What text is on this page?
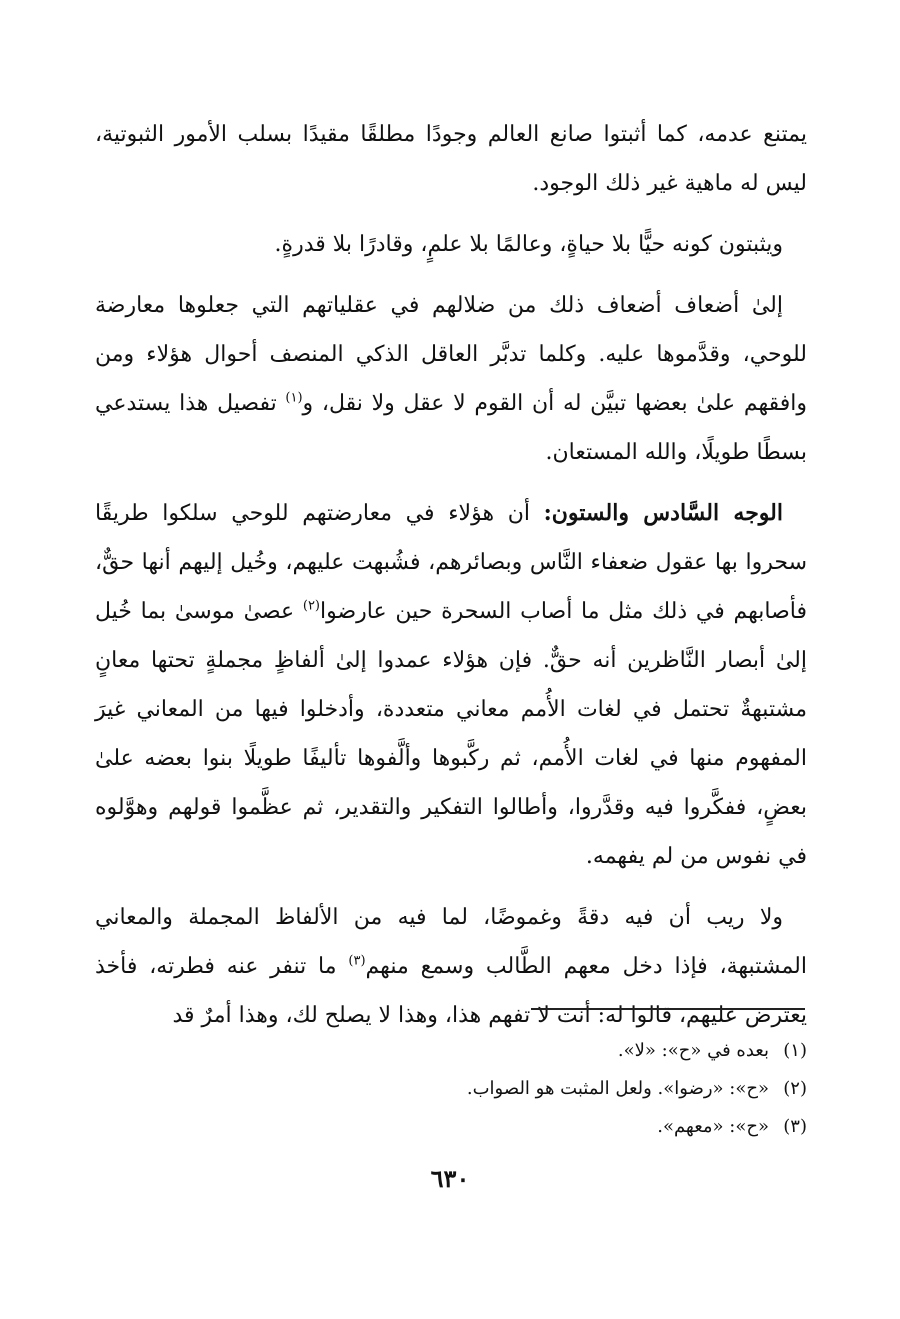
يمتنع عدمه، كما أثبتوا صانع العالم وجودًا مطلقًا مقيدًا بسلب الأمور الثبوتية، ليس له ماهية غير ذلك الوجود.

ويثبتون كونه حيًّا بلا حياةٍ، وعالمًا بلا علمٍ، وقادرًا بلا قدرةٍ.

إلىٰ أضعاف أضعاف ذلك من ضلالهم في عقلياتهم التي جعلوها معارضة للوحي، وقدَّموها عليه. وكلما تدبَّر العاقل الذكي المنصف أحوال هؤلاء ومن وافقهم علىٰ بعضها تبيَّن له أن القوم لا عقل ولا نقل، و$^{(١)}$ تفصيل هذا يستدعي بسطًا طويلًا، والله المستعان.

الوجه السَّادس والستون: أن هؤلاء في معارضتهم للوحي سلكوا طريقًا سحروا بها عقول ضعفاء النَّاس وبصائرهم، فشُبهت عليهم، وخُيل إليهم أنها حقٌّ، فأصابهم في ذلك مثل ما أصاب السحرة حين عارضوا$^{(٢)}$ عصىٰ موسىٰ بما خُيل إلىٰ أبصار النَّاظرين أنه حقٌّ. فإن هؤلاء عمدوا إلىٰ ألفاظٍ مجملةٍ تحتها معانٍ مشتبهةٌ تحتمل في لغات الأُمم معاني متعددة، وأدخلوا فيها من المعاني غيرَ المفهوم منها في لغات الأُمم، ثم ركَّبوها وألَّفوها تأليفًا طويلًا بنوا بعضه علىٰ بعضٍ، ففكَّروا فيه وقدَّروا، وأطالوا التفكير والتقدير، ثم عظَّموا قولهم وهوَّلوه في نفوس من لم يفهمه.

ولا ريب أن فيه دقةً وغموضًا، لما فيه من الألفاظ المجملة والمعاني المشتبهة، فإذا دخل معهم الطَّالب وسمع منهم$^{(٣)}$ ما تنفر عنه فطرته، فأخذ يعترض عليهم، قالوا له: أنت لا تفهم هذا، وهذا لا يصلح لك، وهذا أمرٌ قد

(١)بعده في «ح»: «لا».
(٢)«ح»: «رضوا». ولعل المثبت هو الصواب.
(٣)«ح»: «معهم».
٦٣٠
